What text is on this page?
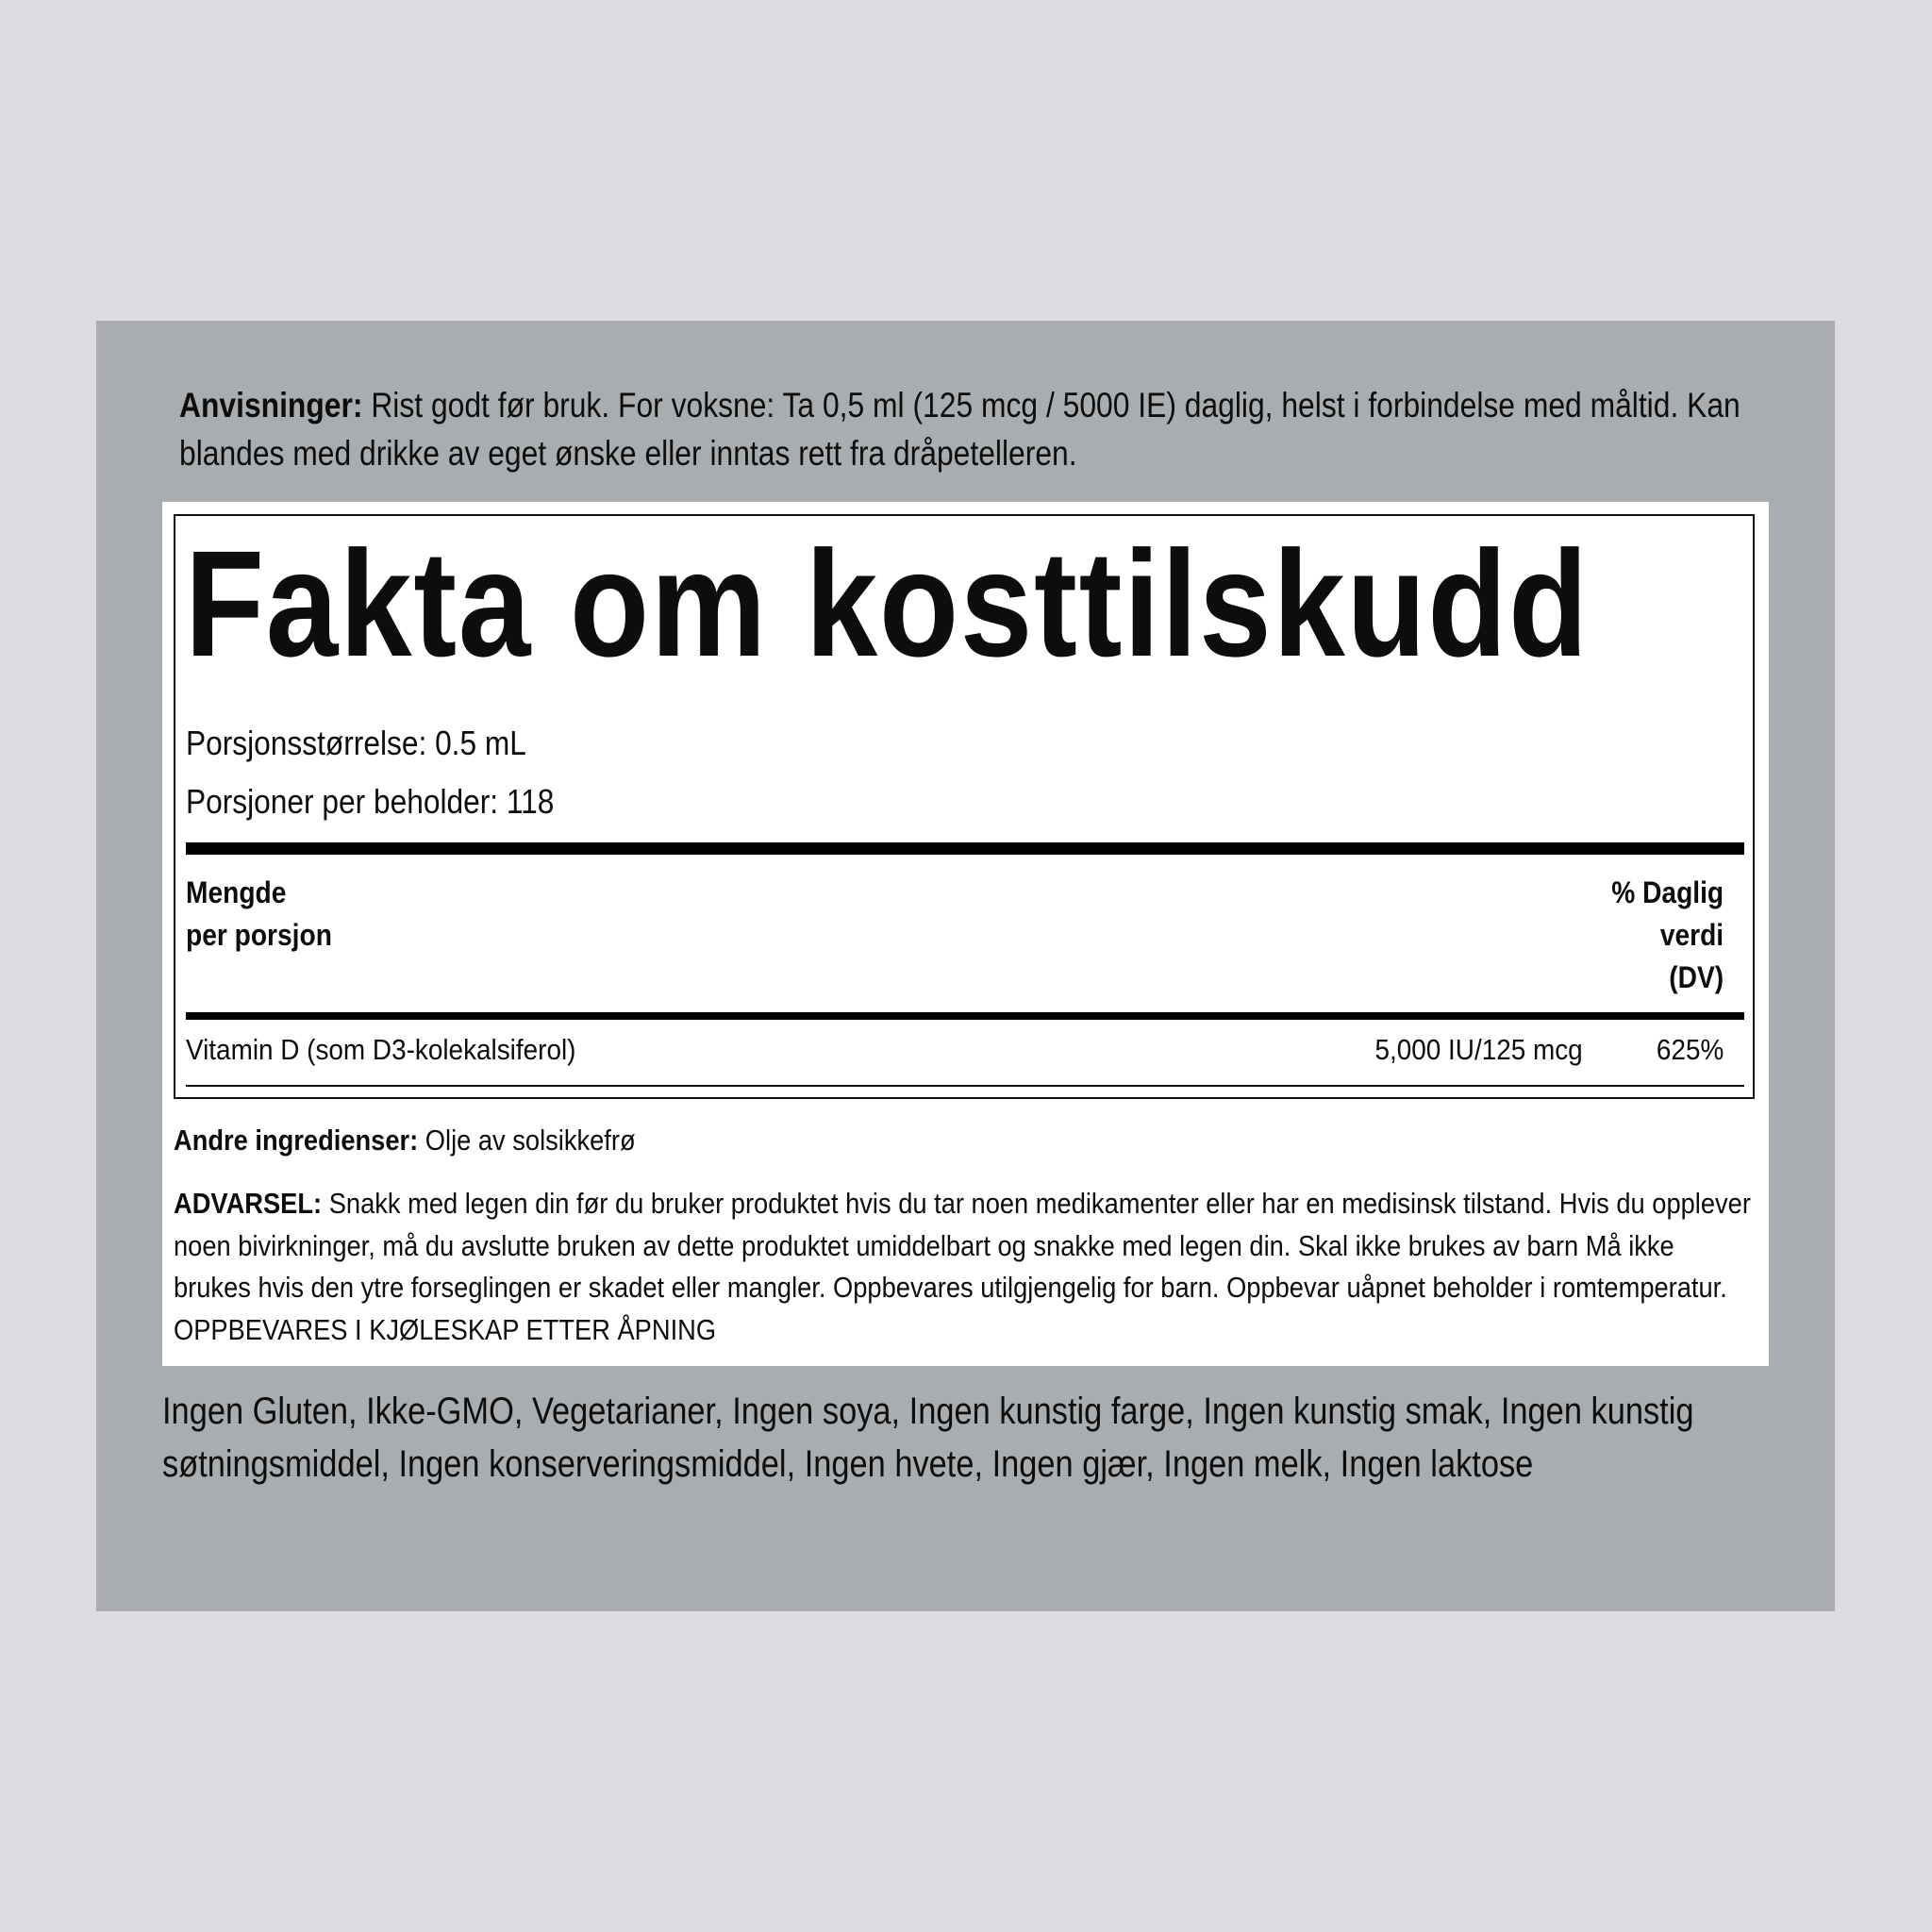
Anvisninger: Rist godt før bruk. For voksne: Ta 0,5 ml (125 mcg / 5000 IE) daglig, helst i forbindelse med måltid. Kan blandes med drikke av eget ønske eller inntas rett fra dråpetelleren.
Fakta om kosttilskudd
Porsjonsstørrelse: 0.5 mL
Porsjoner per beholder: 118
Mengde
per porsjon
% Daglig
verdi
(DV)
Vitamin D (som D3-kolekalsiferol)	5,000 IU/125 mcg	625%
Andre ingredienser: Olje av solsikkefrø
ADVARSEL: Snakk med legen din før du bruker produktet hvis du tar noen medikamenter eller har en medisinsk tilstand. Hvis du opplever noen bivirkninger, må du avslutte bruken av dette produktet umiddelbart og snakke med legen din. Skal ikke brukes av barn Må ikke brukes hvis den ytre forseglingen er skadet eller mangler. Oppbevares utilgjengelig for barn. Oppbevar uåpnet beholder i romtemperatur. OPPBEVARES I KJØLESKAP ETTER ÅPNING
Ingen Gluten, Ikke-GMO, Vegetarianer, Ingen soya, Ingen kunstig farge, Ingen kunstig smak, Ingen kunstig søtningsmiddel, Ingen konserveringsmiddel, Ingen hvete, Ingen gjær, Ingen melk, Ingen laktose
